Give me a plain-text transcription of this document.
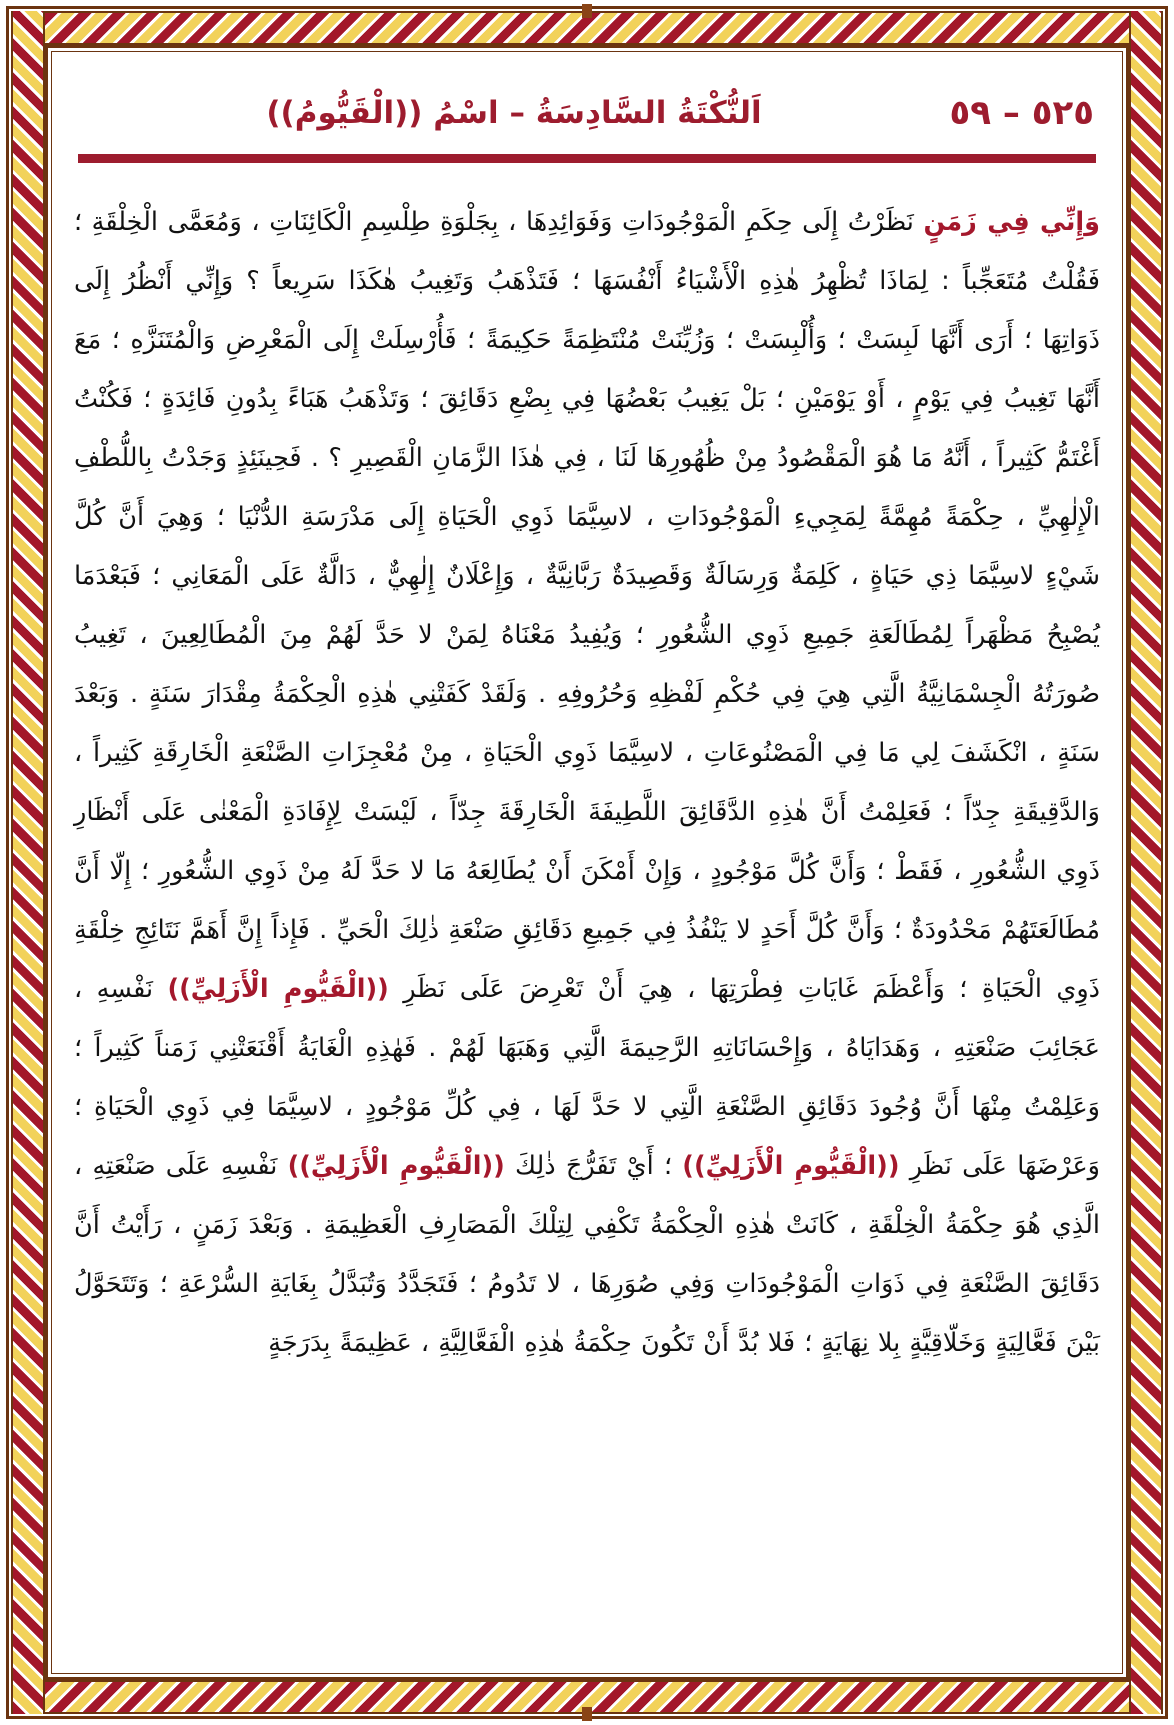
٥٢٥ – ٥٩
اَلنُّكْتَةُ السَّادِسَةُ – اسْمُ ((الْقَيُّومُ))

وَإِنِّي فِي زَمَنٍ نَظَرْتُ إِلَى حِكَمِ الْمَوْجُودَاتِ وَفَوَائِدِهَا ، بِجَلْوَةِ طِلْسِمِ الْكَائِنَاتِ ، وَمُعَمَّى الْخِلْقَةِ ؛ فَقُلْتُ مُتَعَجِّباً : لِمَاذَا تُظْهِرُ هٰذِهِ الْأَشْيَاءُ أَنْفُسَهَا ؛ فَتَذْهَبُ وَتَغِيبُ هٰكَذَا سَرِيعاً ؟ وَإِنِّي أَنْظُرُ إِلَى ذَوَاتِهَا ؛ أَرَى أَنَّهَا لَبِسَتْ ؛ وَأُلْبِسَتْ ؛ وَزُيِّنَتْ مُنْتَظِمَةً حَكِيمَةً ؛ فَأُرْسِلَتْ إِلَى الْمَعْرِضِ وَالْمُتَنَزَّهِ ؛ مَعَ أَنَّهَا تَغِيبُ فِي يَوْمٍ ، أَوْ يَوْمَيْنِ ؛ بَلْ يَغِيبُ بَعْضُهَا فِي بِضْعِ دَقَائِقَ ؛ وَتَذْهَبُ هَبَاءً بِدُونِ فَائِدَةٍ ؛ فَكُنْتُ أَغْتَمُّ كَثِيراً ، أَنَّهُ مَا هُوَ الْمَقْصُودُ مِنْ ظُهُورِهَا لَنَا ، فِي هٰذَا الزَّمَانِ الْقَصِيرِ ؟ . فَحِينَئِذٍ وَجَدْتُ بِاللُّطْفِ الْإِلٰهِيِّ ، حِكْمَةً مُهِمَّةً لِمَجِيءِ الْمَوْجُودَاتِ ، لاسِيَّمَا ذَوِي الْحَيَاةِ إِلَى مَدْرَسَةِ الدُّنْيَا ؛ وَهِيَ أَنَّ كُلَّ شَيْءٍ لاسِيَّمَا ذِي حَيَاةٍ ، كَلِمَةٌ وَرِسَالَةٌ وَقَصِيدَةٌ رَبَّانِيَّةٌ ، وَإِعْلَانٌ إِلٰهِيٌّ ، دَالَّةٌ عَلَى الْمَعَانِي ؛ فَبَعْدَمَا يُصْبِحُ مَظْهَراً لِمُطَالَعَةِ جَمِيعِ ذَوِي الشُّعُورِ ؛ وَيُفِيدُ مَعْنَاهُ لِمَنْ لا حَدَّ لَهُمْ مِنَ الْمُطَالِعِينَ ، تَغِيبُ صُورَتُهُ الْجِسْمَانِيَّةُ الَّتِي هِيَ فِي حُكْمِ لَفْظِهِ وَحُرُوفِهِ . وَلَقَدْ كَفَتْنِي هٰذِهِ الْحِكْمَةُ مِقْدَارَ سَنَةٍ . وَبَعْدَ سَنَةٍ ، انْكَشَفَ لِي مَا فِي الْمَصْنُوعَاتِ ، لاسِيَّمَا ذَوِي الْحَيَاةِ ، مِنْ مُعْجِزَاتِ الصَّنْعَةِ الْخَارِقَةِ كَثِيراً ، وَالدَّقِيقَةِ جِدّاً ؛ فَعَلِمْتُ أَنَّ هٰذِهِ الدَّقَائِقَ اللَّطِيفَةَ الْخَارِقَةَ جِدّاً ، لَيْسَتْ لِإِفَادَةِ الْمَعْنٰى عَلَى أَنْظَارِ ذَوِي الشُّعُورِ ، فَقَطْ ؛ وَأَنَّ كُلَّ مَوْجُودٍ ، وَإِنْ أَمْكَنَ أَنْ يُطَالِعَهُ مَا لا حَدَّ لَهُ مِنْ ذَوِي الشُّعُورِ ؛ إِلّا أَنَّ مُطَالَعَتَهُمْ مَحْدُودَةٌ ؛ وَأَنَّ كُلَّ أَحَدٍ لا يَنْفُذُ فِي جَمِيعِ دَقَائِقِ صَنْعَةِ ذٰلِكَ الْحَيِّ . فَإِذاً إِنَّ أَهَمَّ نَتَائِجِ خِلْقَةِ ذَوِي الْحَيَاةِ ؛ وَأَعْظَمَ غَايَاتِ فِطْرَتِهَا ، هِيَ أَنْ تَعْرِضَ عَلَى نَظَرِ ((الْقَيُّومِ الْأَزَلِيِّ)) نَفْسِهِ ، عَجَائِبَ صَنْعَتِهِ ، وَهَدَايَاهُ ، وَإِحْسَانَاتِهِ الرَّحِيمَةَ الَّتِي وَهَبَهَا لَهُمْ . فَهٰذِهِ الْغَايَةُ أَقْنَعَتْنِي زَمَناً كَثِيراً ؛ وَعَلِمْتُ مِنْهَا أَنَّ وُجُودَ دَقَائِقِ الصَّنْعَةِ الَّتِي لا حَدَّ لَهَا ، فِي كُلِّ مَوْجُودٍ ، لاسِيَّمَا فِي ذَوِي الْحَيَاةِ ؛ وَعَرْضَهَا عَلَى نَظَرِ ((الْقَيُّومِ الْأَزَلِيِّ)) ؛ أَيْ تَفَرُّجَ ذٰلِكَ ((الْقَيُّومِ الْأَزَلِيِّ)) نَفْسِهِ عَلَى صَنْعَتِهِ ، الَّذِي هُوَ حِكْمَةُ الْخِلْقَةِ ، كَانَتْ هٰذِهِ الْحِكْمَةُ تَكْفِي لِتِلْكَ الْمَصَارِفِ الْعَظِيمَةِ . وَبَعْدَ زَمَنٍ ، رَأَيْتُ أَنَّ دَقَائِقَ الصَّنْعَةِ فِي ذَوَاتِ الْمَوْجُودَاتِ وَفِي صُوَرِهَا ، لا تَدُومُ ؛ فَتَجَدَّدُ وَتُبَدَّلُ بِغَايَةِ السُّرْعَةِ ؛ وَتَتَحَوَّلُ بَيْنَ فَعَّالِيَةٍ وَخَلّاقِيَّةٍ بِلا نِهَايَةٍ ؛ فَلا بُدَّ أَنْ تَكُونَ حِكْمَةُ هٰذِهِ الْفَعَّالِيَّةِ ، عَظِيمَةً بِدَرَجَةٍ
